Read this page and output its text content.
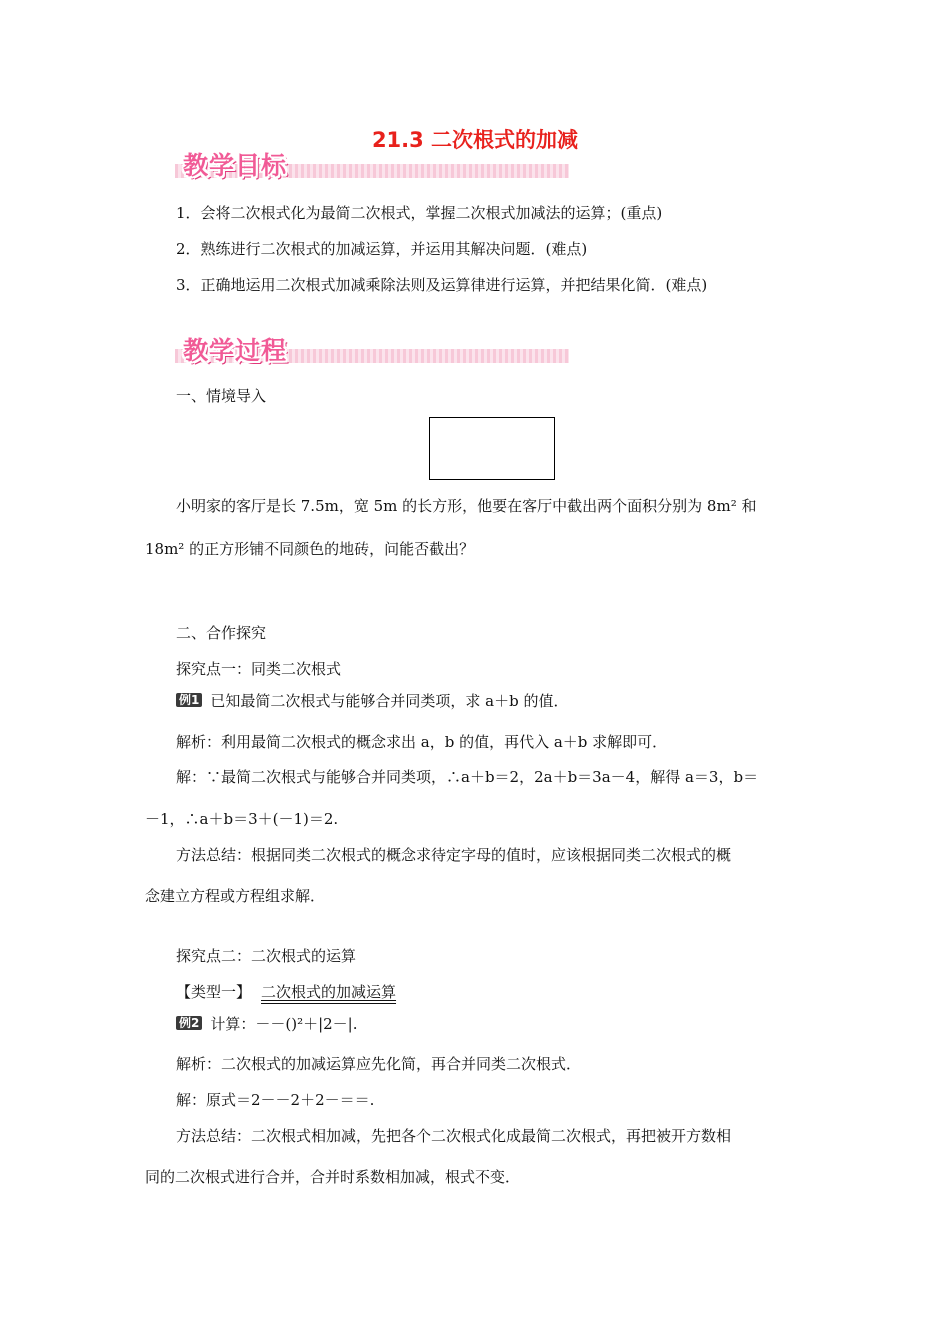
21.3 二次根式的加减
教学目标
1．会将二次根式化为最简二次根式，掌握二次根式加减法的运算；(重点)
2．熟练进行二次根式的加减运算，并运用其解决问题．(难点)
3．正确地运用二次根式加减乘除法则及运算律进行运算，并把结果化简．(难点)
教学过程
一、情境导入
小明家的客厅是长 7.5m，宽 5m 的长方形，他要在客厅中截出两个面积分别为 8m² 和
18m² 的正方形铺不同颜色的地砖，问能否截出？
二、合作探究
探究点一：同类二次根式
例1 已知最简二次根式与能够合并同类项，求 a＋b 的值．
解析：利用最简二次根式的概念求出 a，b 的值，再代入 a＋b 求解即可．
解：∵最简二次根式与能够合并同类项，∴a＋b＝2，2a＋b＝3a－4，解得 a＝3，b＝
－1，∴a＋b＝3＋(－1)＝2.
方法总结：根据同类二次根式的概念求待定字母的值时，应该根据同类二次根式的概
念建立方程或方程组求解．
探究点二：二次根式的运算
【类型一】 二次根式的加减运算
例2 计算：－－()²＋|2－|.
解析：二次根式的加减运算应先化简，再合并同类二次根式．
解：原式＝2－－2＋2－＝＝.
方法总结：二次根式相加减，先把各个二次根式化成最简二次根式，再把被开方数相
同的二次根式进行合并，合并时系数相加减，根式不变．
